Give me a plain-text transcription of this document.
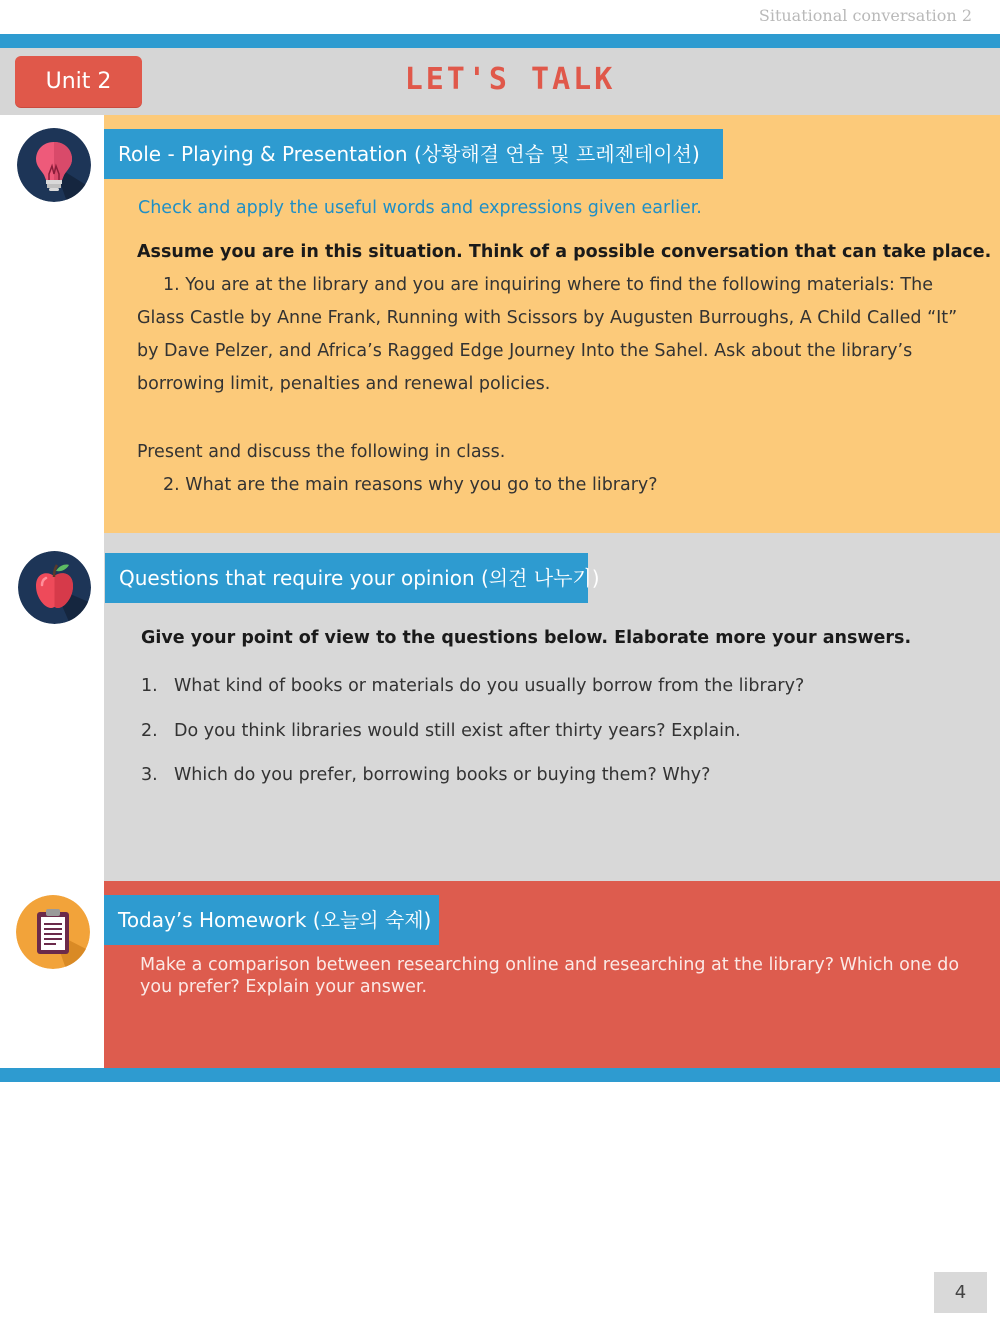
Situational conversation 2
Unit 2	LET'S TALK
Role - Playing & Presentation (상황해결 연습 및 프레젠테이션)
Check and apply the useful words and expressions given earlier.
Assume you are in this situation. Think of a possible conversation that can take place.
1. You are at the library and you are inquiring where to find the following materials: The Glass Castle by Anne Frank, Running with Scissors by Augusten Burroughs, A Child Called “It” by Dave Pelzer, and Africa’s Ragged Edge Journey Into the Sahel. Ask about the library’s borrowing limit, penalties and renewal policies.
Present and discuss the following in class.
2. What are the main reasons why you go to the library?
Questions that require your opinion (의견 나누기)
Give your point of view to the questions below. Elaborate more your answers.
1. What kind of books or materials do you usually borrow from the library?
2. Do you think libraries would still exist after thirty years? Explain.
3. Which do you prefer, borrowing books or buying them? Why?
Today’s Homework (오늘의 숙제)
Make a comparison between researching online and researching at the library? Which one do you prefer? Explain your answer.
4
